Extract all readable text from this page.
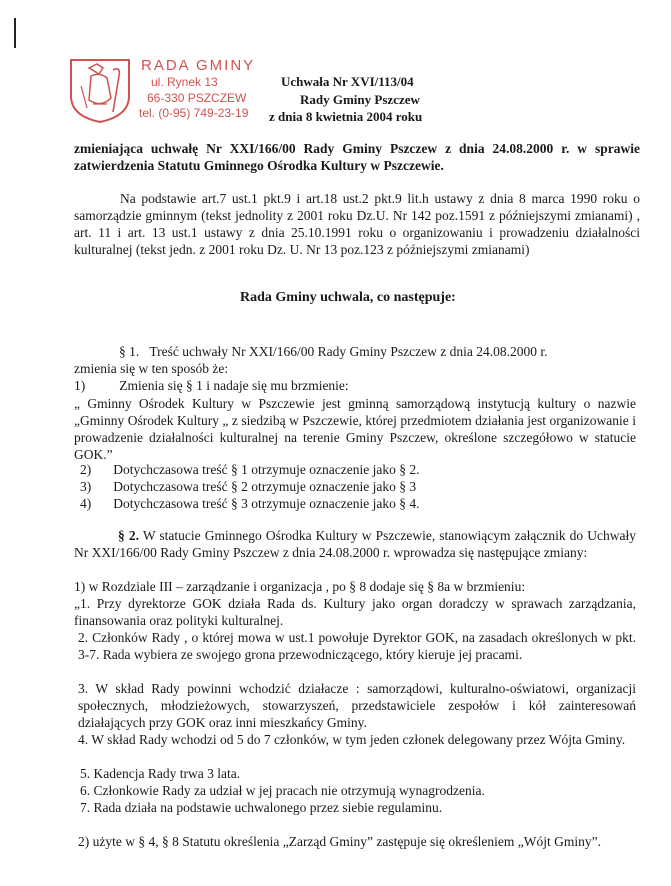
RADA GMINY
ul. Rynek 13
66-330 PSZCZEW
tel. (0-95) 749-23-19
Uchwała Nr XVI/113/04
Rady Gminy Pszczew
z dnia 8 kwietnia 2004 roku
zmieniająca uchwałę Nr XXI/166/00 Rady Gminy Pszczew z dnia 24.08.2000 r. w sprawie zatwierdzenia Statutu Gminnego Ośrodka Kultury w Pszczewie.
Na podstawie art.7 ust.1 pkt.9 i art.18 ust.2 pkt.9 lit.h ustawy z dnia 8 marca 1990 roku o samorządzie gminnym (tekst jednolity z 2001 roku Dz.U. Nr 142 poz.1591 z późniejszymi zmianami) , art. 11 i art. 13 ust.1 ustawy z dnia 25.10.1991 roku o organizowaniu i prowadzeniu działalności kulturalnej (tekst jedn. z 2001 roku Dz. U. Nr 13 poz.123 z późniejszymi zmianami)
Rada Gminy uchwala, co następuje:
§ 1. Treść uchwały Nr XXI/166/00 Rady Gminy Pszczew z dnia 24.08.2000 r.
zmienia się w ten sposób że:
1)	Zmienia się § 1 i nadaje się mu brzmienie:
„ Gminny Ośrodek Kultury w Pszczewie jest gminną samorządową instytucją kultury o nazwie „Gminny Ośrodek Kultury „ z siedzibą w Pszczewie, której przedmiotem działania jest organizowanie i prowadzenie działalności kulturalnej na terenie Gminy Pszczew, określone szczegółowo w statucie GOK.”
2) Dotychczasowa treść § 1 otrzymuje oznaczenie jako § 2.
3) Dotychczasowa treść § 2 otrzymuje oznaczenie jako § 3
4) Dotychczasowa treść § 3 otrzymuje oznaczenie jako § 4.
§ 2. W statucie Gminnego Ośrodka Kultury w Pszczewie, stanowiącym załącznik do Uchwały Nr XXI/166/00 Rady Gminy Pszczew z dnia 24.08.2000 r. wprowadza się następujące zmiany:
1) w Rozdziale III – zarządzanie i organizacja , po § 8 dodaje się § 8a w brzmieniu:
„1. Przy dyrektorze GOK działa Rada ds. Kultury jako organ doradczy w sprawach zarządzania, finansowania oraz polityki kulturalnej.
2. Członków Rady , o której mowa w ust.1 powołuje Dyrektor GOK, na zasadach określonych w pkt. 3-7. Rada wybiera ze swojego grona przewodniczącego, który kieruje jej pracami.
3. W skład Rady powinni wchodzić działacze : samorządowi, kulturalno-oświatowi, organizacji społecznych, młodzieżowych, stowarzyszeń, przedstawiciele zespołów i kół zainteresowań działających przy GOK oraz inni mieszkańcy Gminy.
4. W skład Rady wchodzi od 5 do 7 członków, w tym jeden członek delegowany przez Wójta Gminy.
5. Kadencja Rady trwa 3 lata.
6. Członkowie Rady za udział w jej pracach nie otrzymują wynagrodzenia.
7. Rada działa na podstawie uchwalonego przez siebie regulaminu.
2) użyte w § 4, § 8 Statutu określenia „Zarząd Gminy” zastępuje się określeniem „Wójt Gminy”.
